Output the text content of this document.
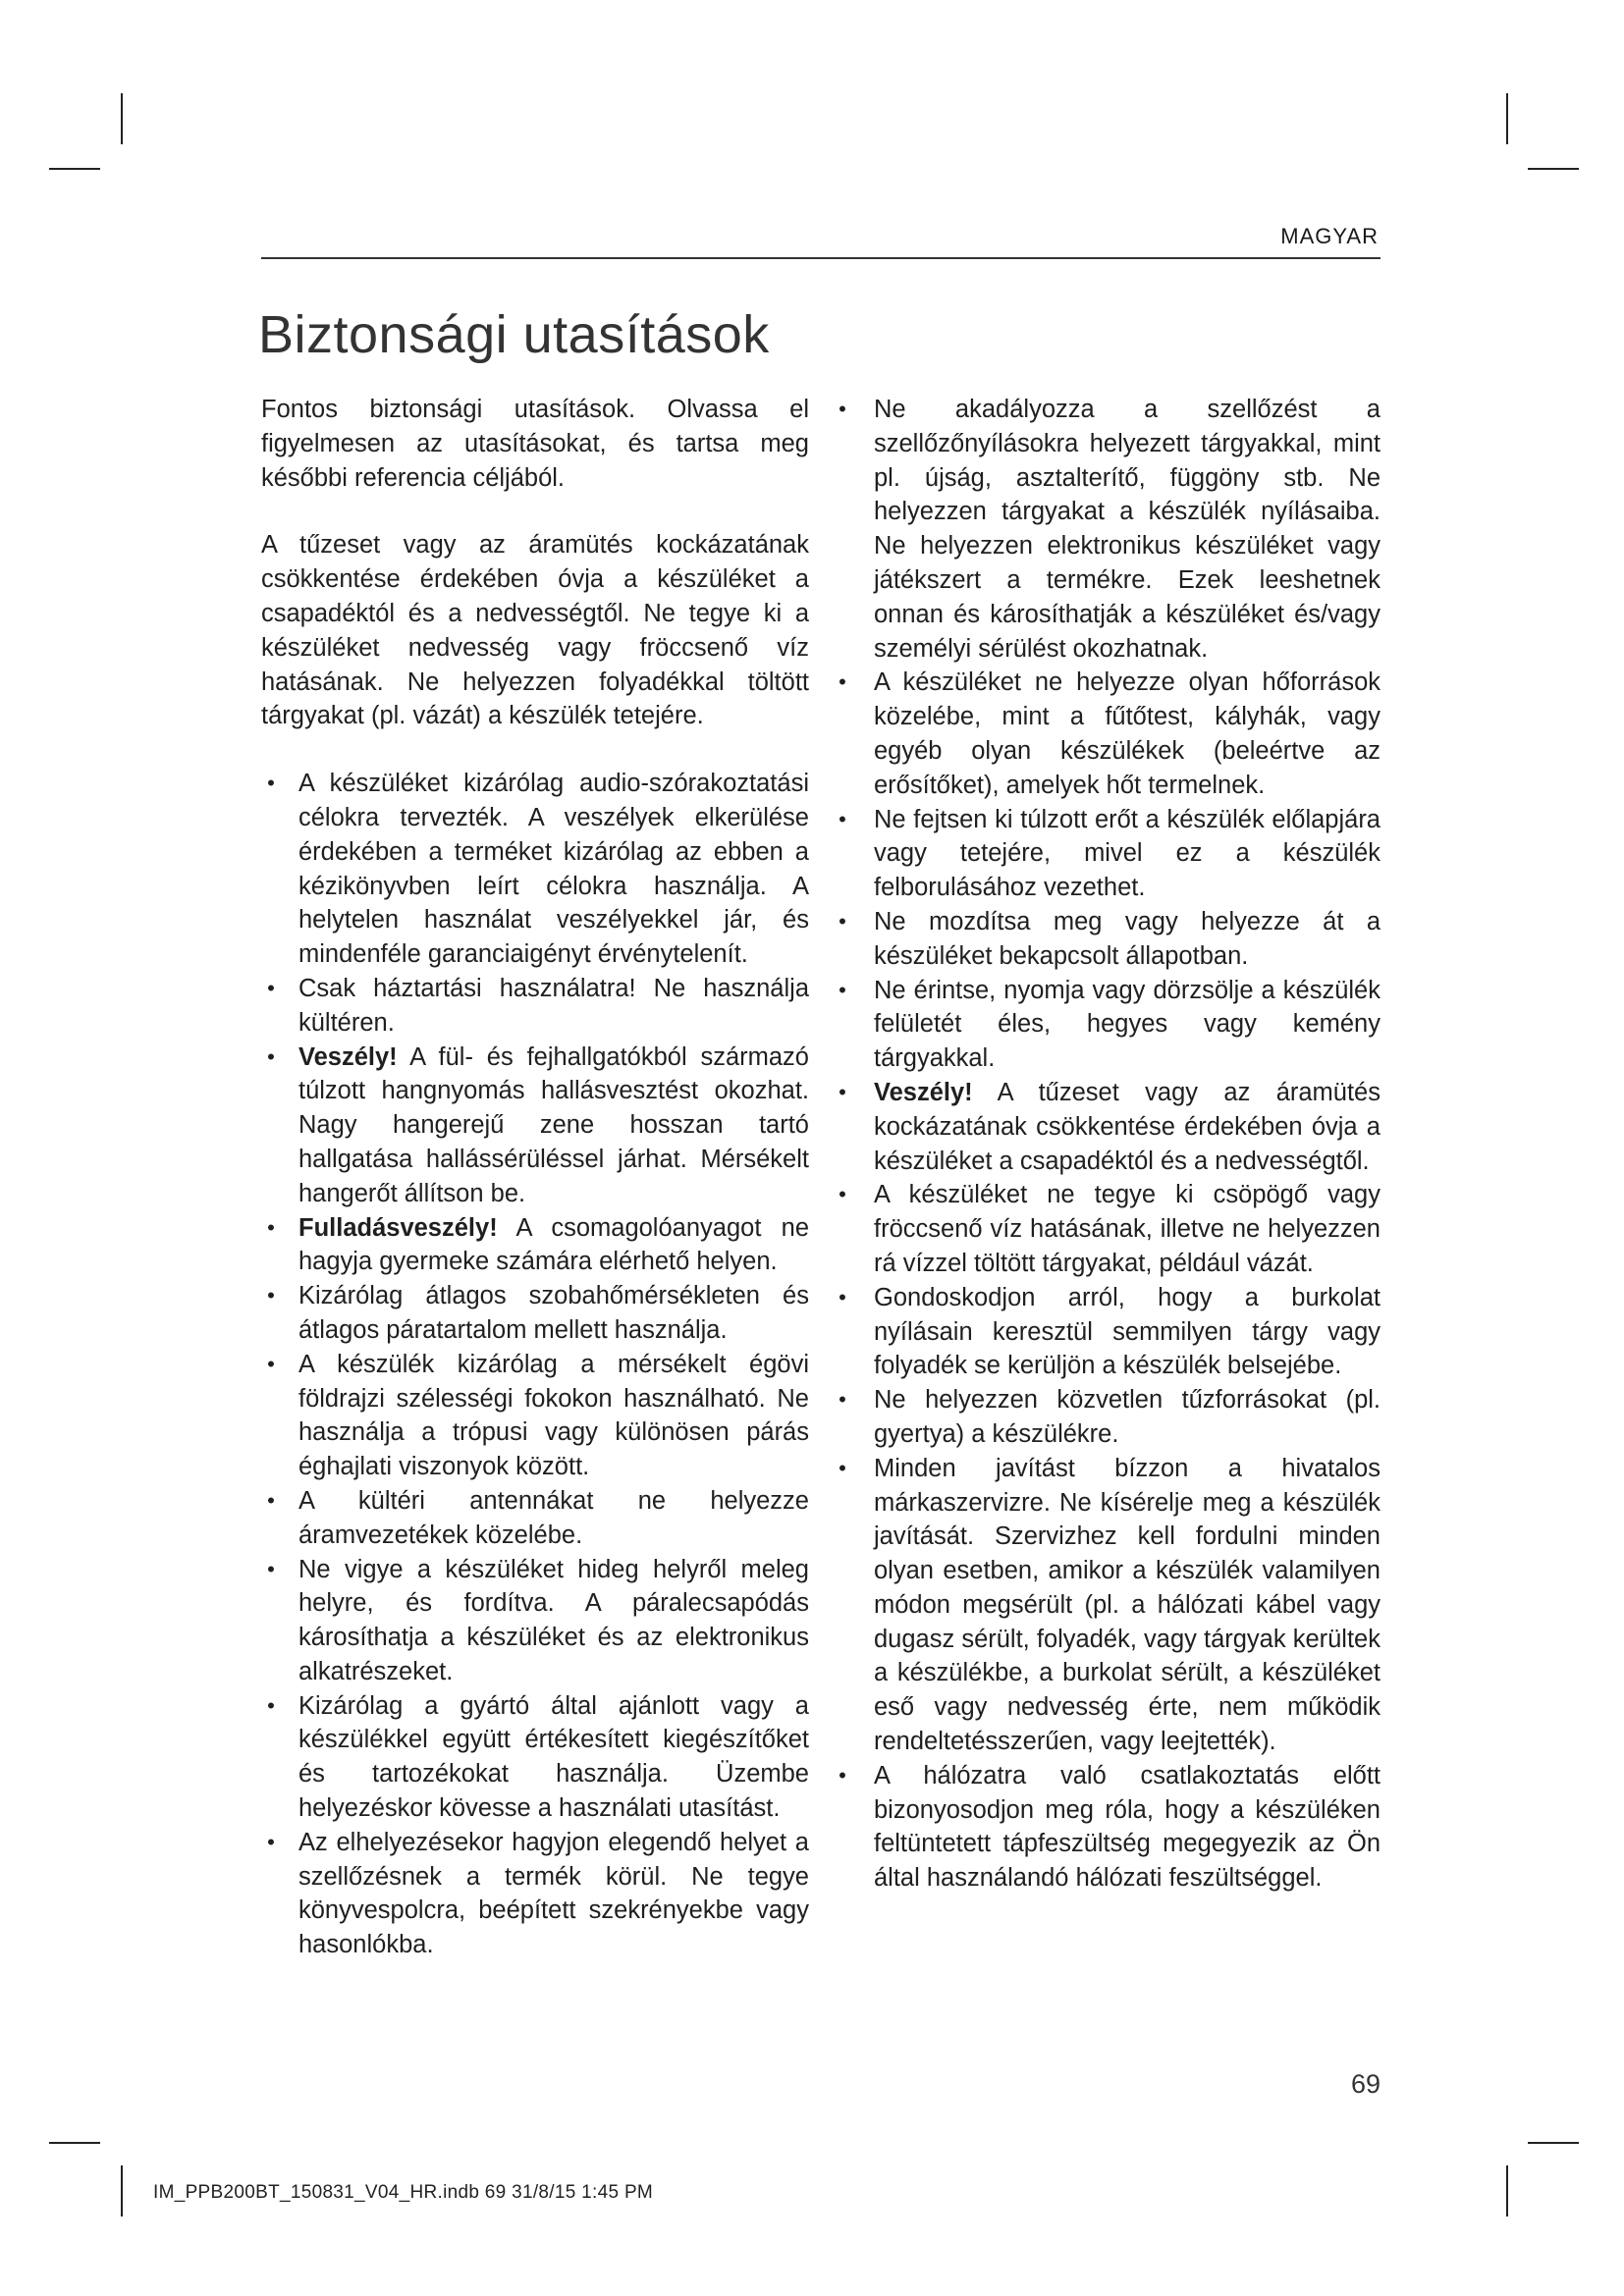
MAGYAR
Biztonsági utasítások

Fontos biztonsági utasítások. Olvassa el figyelmesen az utasításokat, és tartsa meg későbbi referencia céljából.

A tűzeset vagy az áramütés kockázatának csökkentése érdekében óvja a készüléket a csapadéktól és a nedvességtől. Ne tegye ki a készüléket nedvesség vagy fröccsenő víz hatásának. Ne helyezzen folyadékkal töltött tárgyakat (pl. vázát) a készülék tetejére.

• A készüléket kizárólag audio-szórakoztatási célokra tervezték. A veszélyek elkerülése érdekében a terméket kizárólag az ebben a kézikönyvben leírt célokra használja. A helytelen használat veszélyekkel jár, és mindenféle garanciaigényt érvénytelenít.
• Csak háztartási használatra! Ne használja kültéren.
• Veszély! A fül- és fejhallgatókból származó túlzott hangnyomás hallásvesztést okozhat. Nagy hangerejű zene hosszan tartó hallgatása hallássérüléssel járhat. Mérsékelt hangerőt állítson be.
• Fulladásveszély! A csomagolóanyagot ne hagyja gyermeke számára elérhető helyen.
• Kizárólag átlagos szobahőmérsékleten és átlagos páratartalom mellett használja.
• A készülék kizárólag a mérsékelt égövi földrajzi szélességi fokokon használható. Ne használja a trópusi vagy különösen párás éghajlati viszonyok között.
• A kültéri antennákat ne helyezze áramvezetékek közelébe.
• Ne vigye a készüléket hideg helyről meleg helyre, és fordítva. A páralecsapódás károsíthatja a készüléket és az elektronikus alkatrészeket.
• Kizárólag a gyártó által ajánlott vagy a készülékkel együtt értékesített kiegészítőket és tartozékokat használja. Üzembe helyezéskor kövesse a használati utasítást.
• Az elhelyezésekor hagyjon elegendő helyet a szellőzésnek a termék körül. Ne tegye könyvespolcra, beépített szekrényekbe vagy hasonlókba.
• Ne akadályozza a szellőzést a szellőzőnyílásokra helyezett tárgyakkal, mint pl. újság, asztalterítő, függöny stb. Ne helyezzen tárgyakat a készülék nyílásaiba. Ne helyezzen elektronikus készüléket vagy játékszert a termékre. Ezek leeshetnek onnan és károsíthatják a készüléket és/vagy személyi sérülést okozhatnak.
• A készüléket ne helyezze olyan hőforrások közelébe, mint a fűtőtest, kályhák, vagy egyéb olyan készülékek (beleértve az erősítőket), amelyek hőt termelnek.
• Ne fejtsen ki túlzott erőt a készülék előlapjára vagy tetejére, mivel ez a készülék felborulásához vezethet.
• Ne mozdítsa meg vagy helyezze át a készüléket bekapcsolt állapotban.
• Ne érintse, nyomja vagy dörzsölje a készülék felületét éles, hegyes vagy kemény tárgyakkal.
• Veszély! A tűzeset vagy az áramütés kockázatának csökkentése érdekében óvja a készüléket a csapadéktól és a nedvességtől.
• A készüléket ne tegye ki csöpögő vagy fröccsenő víz hatásának, illetve ne helyezzen rá vízzel töltött tárgyakat, például vázát.
• Gondoskodjon arról, hogy a burkolat nyílásain keresztül semmilyen tárgy vagy folyadék se kerüljön a készülék belsejébe.
• Ne helyezzen közvetlen tűzforrásokat (pl. gyertya) a készülékre.
• Minden javítást bízzon a hivatalos márkaszervizre. Ne kísérelje meg a készülék javítását. Szervizhez kell fordulni minden olyan esetben, amikor a készülék valamilyen módon megsérült (pl. a hálózati kábel vagy dugasz sérült, folyadék, vagy tárgyak kerültek a készülékbe, a burkolat sérült, a készüléket eső vagy nedvesség érte, nem működik rendeltetésszerűen, vagy leejtették).
• A hálózatra való csatlakoztatás előtt bizonyosodjon meg róla, hogy a készüléken feltüntetett tápfeszültség megegyezik az Ön által használandó hálózati feszültséggel.
69
IM_PPB200BT_150831_V04_HR.indb 69 31/8/15 1:45 PM
